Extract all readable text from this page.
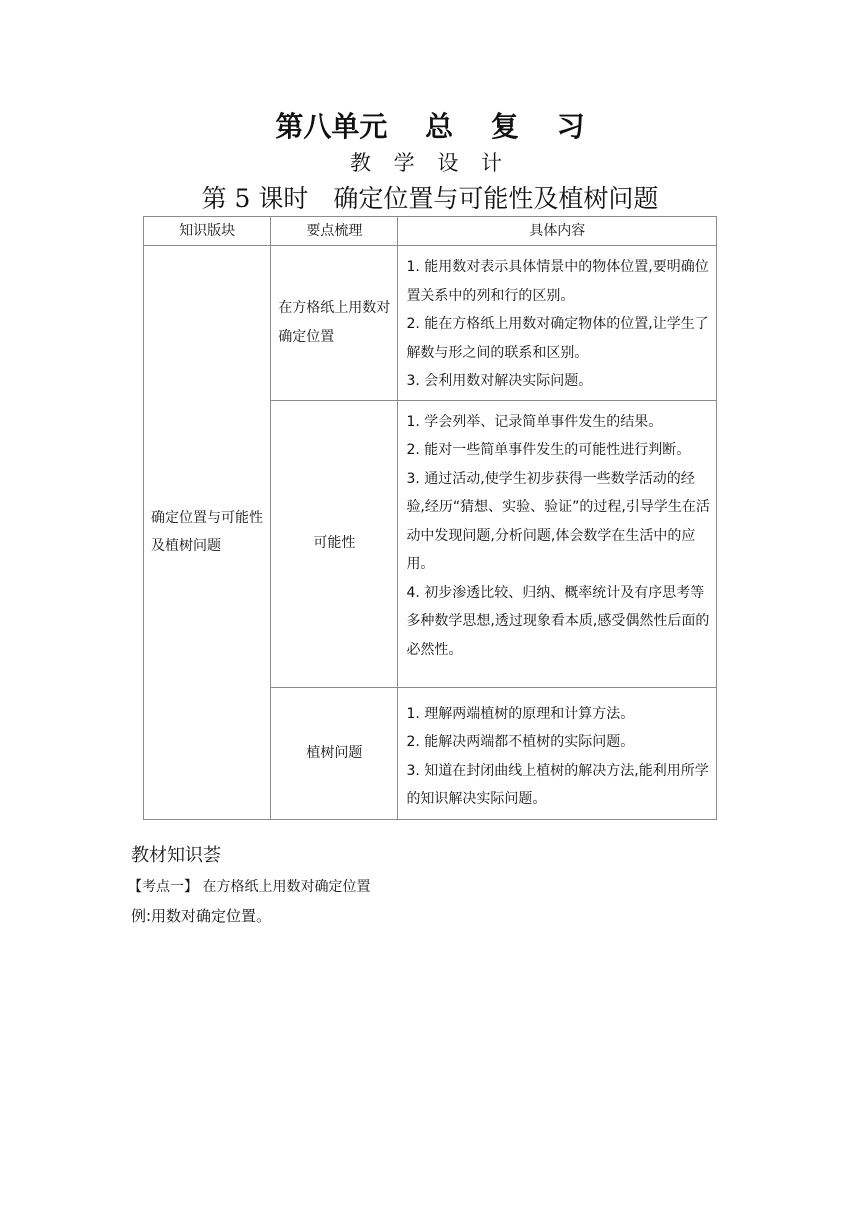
第八单元　 总　 复　 习
教 学 设 计
第 5 课时　确定位置与可能性及植树问题
知识版块	要点梳理	具体内容
确定位置与可能性及植树问题	在方格纸上用数对确定位置	1. 能用数对表示具体情景中的物体位置,要明确位置关系中的列和行的区别。
2. 能在方格纸上用数对确定物体的位置,让学生了解数与形之间的联系和区别。
3. 会利用数对解决实际问题。

	可能性	1. 学会列举、记录简单事件发生的结果。
2. 能对一些简单事件发生的可能性进行判断。
3. 通过活动,使学生初步获得一些数学活动的经验,经历“猜想、实验、验证”的过程,引导学生在活动中发现问题,分析问题,体会数学在生活中的应用。
4. 初步渗透比较、归纳、概率统计及有序思考等多种数学思想,透过现象看本质,感受偶然性后面的必然性。

	植树问题	1. 理解两端植树的原理和计算方法。
2. 能解决两端都不植树的实际问题。
3. 知道在封闭曲线上植树的解决方法,能利用所学的知识解决实际问题。
教材知识荟
【考点一】 在方格纸上用数对确定位置
例:用数对确定位置。
